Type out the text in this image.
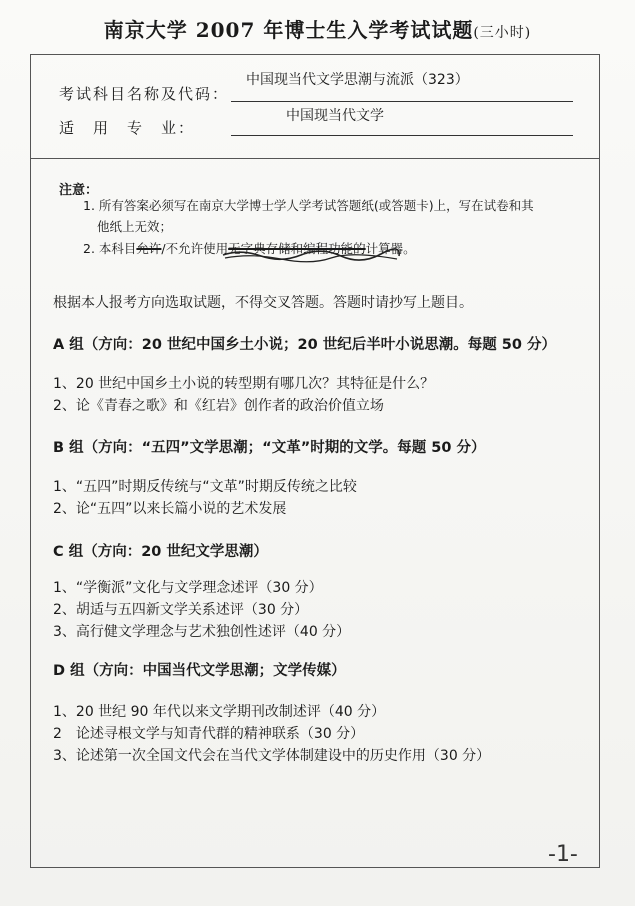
南京大学 2007 年博士生入学考试试题(三小时)
考试科目名称及代码：
中国现当代文学思潮与流派（323）
适　用　专　业：
中国现当代文学
注意：
1. 所有答案必须写在南京大学博士学人学考试答题纸(或答题卡)上，写在试卷和其
他纸上无效；
2. 本科目允许/不允许使用无字典存储和编程功能的计算器。
根据本人报考方向选取试题，不得交叉答题。答题时请抄写上题目。
A 组（方向：20 世纪中国乡土小说；20 世纪后半叶小说思潮。每题 50 分）
1、20 世纪中国乡土小说的转型期有哪几次？其特征是什么？
2、论《青春之歌》和《红岩》创作者的政治价值立场
B 组（方向：“五四”文学思潮；“文革”时期的文学。每题 50 分）
1、“五四”时期反传统与“文革”时期反传统之比较
2、论“五四”以来长篇小说的艺术发展
C 组（方向：20 世纪文学思潮）
1、“学衡派”文化与文学理念述评（30 分）
2、胡适与五四新文学关系述评（30 分）
3、高行健文学理念与艺术独创性述评（40 分）
D 组（方向：中国当代文学思潮；文学传媒）
1、20 世纪 90 年代以来文学期刊改制述评（40 分）
2　论述寻根文学与知青代群的精神联系（30 分）
3、论述第一次全国文代会在当代文学体制建设中的历史作用（30 分）
-1-
